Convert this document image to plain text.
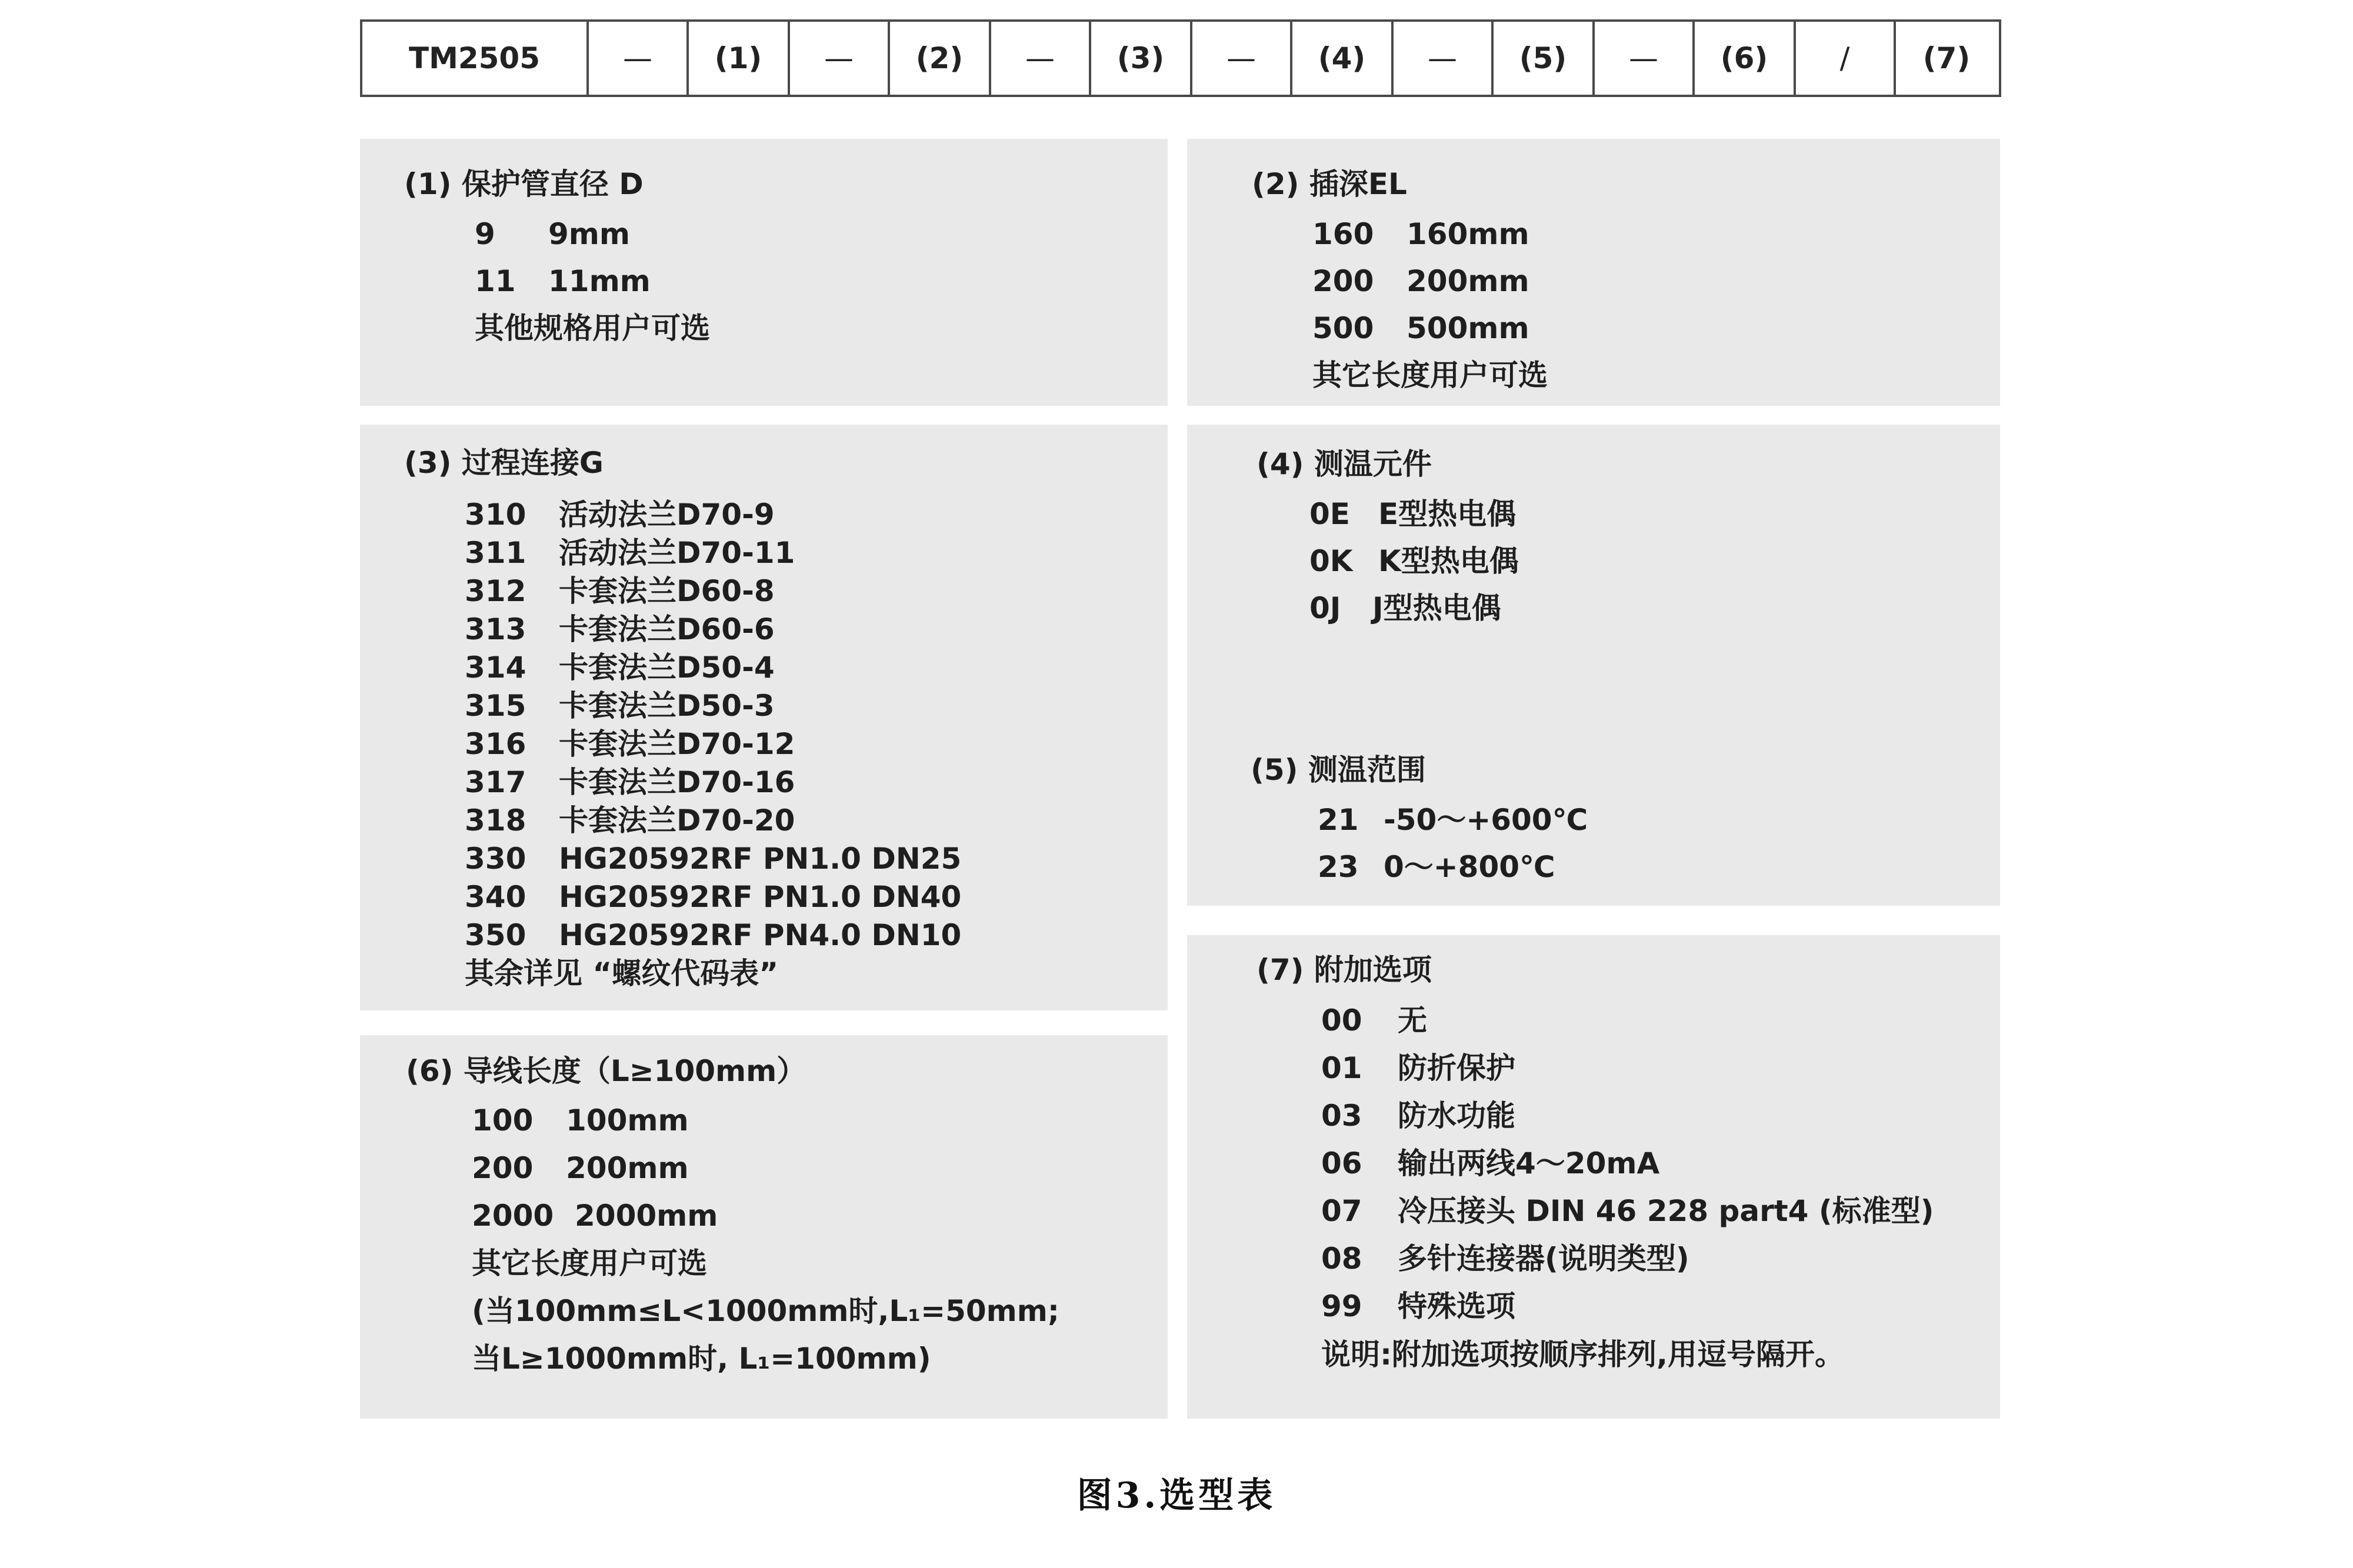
TM2505	—	(1)	—	(2)	—	(3)	—	(4)	—	(5)	—	(6)	/	(7)
(1) 保护管直径 D
9 9mm
11 11mm
其他规格用户可选
(2) 插深EL
160 160mm
200 200mm
500 500mm
其它长度用户可选
(3) 过程连接G
310 活动法兰D70-9
311 活动法兰D70-11
312 卡套法兰D60-8
313 卡套法兰D60-6
314 卡套法兰D50-4
315 卡套法兰D50-3
316 卡套法兰D70-12
317 卡套法兰D70-16
318 卡套法兰D70-20
330 HG20592RF PN1.0 DN25
340 HG20592RF PN1.0 DN40
350 HG20592RF PN4.0 DN10
其余详见 “螺纹代码表”
(4) 测温元件
0E E型热电偶
0K K型热电偶
0J J型热电偶
(5) 测温范围
21 -50～+600℃
23 0～+800℃
(6) 导线长度（L≥100mm）
100 100mm
200 200mm
2000 2000mm
其它长度用户可选
(当100mm≤L<1000mm时,L₁=50mm;
当L≥1000mm时, L₁=100mm)
(7) 附加选项
00 无
01 防折保护
03 防水功能
06 输出两线4～20mA
07 冷压接头 DIN 46 228 part4 (标准型)
08 多针连接器(说明类型)
99 特殊选项
说明:附加选项按顺序排列,用逗号隔开。
图3.选型表
